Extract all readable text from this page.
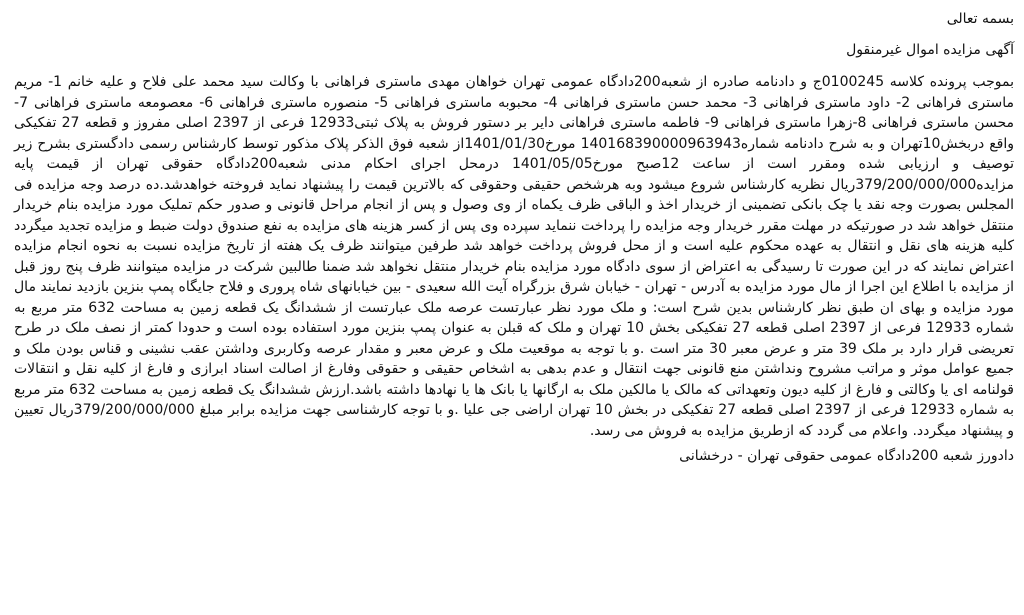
بسمه تعالی

آگهی مزایده اموال غیرمنقول

بموجب پرونده کلاسه 0100245ج و دادنامه صادره از شعبه200دادگاه عمومی تهران خواهان مهدی ماستری فراهانی با وکالت سید محمد علی فلاح و علیه خانم 1- مریم ماستری فراهانی 2- داود ماستری فراهانی 3- محمد حسن ماستری فراهانی 4- محبوبه ماستری فراهانی 5- منصوره ماستری فراهانی 6- معصومعه ماستری فراهانی 7- محسن ماستری فراهانی 8-زهرا ماستری فراهانی 9- فاطمه ماستری فراهانی دایر بر دستور فروش به پلاک ثبتی12933 فرعی از 2397 اصلی مفروز و قطعه 27 تفکیکی واقع دربخش10تهران و به شرح دادنامه شماره140168390000963943 مورخ1401/01/30از شعبه فوق الذکر پلاک مذکور توسط کارشناس رسمی دادگستری بشرح زیر توصیف و ارزیابی شده ومقرر است از ساعت 12صبح مورخ1401/05/05 درمحل اجرای احکام مدنی شعبه200دادگاه حقوقی تهران از قیمت پایه مزایده379/200/000/000ریال نظریه کارشناس شروع میشود وبه هرشخص حقیقی وحقوقی که بالاترین قیمت را پیشنهاد نماید فروخته خواهدشد.ده درصد وجه مزایده فی المجلس بصورت وجه نقد یا چک بانکی تضمینی از خریدار اخذ و الباقی ظرف یکماه از وی وصول و پس از انجام مراحل قانونی و صدور حکم تملیک مورد مزایده بنام خریدار منتقل خواهد شد در صورتیکه در مهلت مقرر خریدار وجه مزایده را پرداخت ننماید سپرده وی پس از کسر هزینه های مزایده به نفع صندوق دولت ضبط و مزایده تجدید میگردد کلیه هزینه های نقل و انتقال به عهده محکوم علیه است و از محل فروش پرداخت خواهد شد طرفین میتوانند ظرف یک هفته از تاریخ مزایده نسبت به نحوه انجام مزایده اعتراض نمایند که در این صورت تا رسیدگی به اعتراض از سوی دادگاه مورد مزایده بنام خریدار منتقل نخواهد شد ضمنا طالبین شرکت در مزایده میتوانند ظرف پنج روز قبل از مزایده با اطلاع این اجرا از مال مورد مزایده به آدرس - تهران - خیابان شرق بزرگراه آیت الله سعیدی - بین خیابانهای شاه پروری و فلاح جایگاه پمپ بنزین بازدید نمایند مال مورد مزایده و بهای ان طبق نظر کارشناس بدین شرح است: و ملک مورد نظر عبارتست عرصه ملک عبارتست از ششدانگ یک قطعه زمین به مساحت 632 متر مربع به شماره 12933 فرعی از 2397 اصلی قطعه 27 تفکیکی بخش 10 تهران و ملک که قبلن به عنوان پمپ بنزین مورد استفاده بوده است و حدودا کمتر از نصف ملک در طرح تعریضی قرار دارد بر ملک 39 متر و عرض معبر 30 متر است .و با توجه به موقعیت ملک و عرض معبر و مقدار عرصه وکاربری وداشتن عقب نشینی و قناس بودن ملک و جمیع عوامل موثر و مراتب مشروح ونداشتن منع قانونی جهت انتقال و عدم بدهی به اشخاص حقیقی و حقوقی وفارغ از اصالت اسناد ابرازی و فارغ از کلیه نقل و انتقالات قولنامه ای یا وکالتی و فارغ از کلیه دیون وتعهداتی که مالک یا مالکین ملک به ارگانها یا بانک ها یا نهادها داشته باشد.ارزش ششدانگ یک قطعه زمین به مساحت 632 متر مربع به شماره 12933 فرعی از 2397 اصلی قطعه 27 تفکیکی در بخش 10 تهران اراضی جی علیا .و با توجه کارشناسی جهت مزایده برابر مبلغ 379/200/000/000ریال تعیین و پیشنهاد میگردد. واعلام می گردد که ازطریق مزایده به فروش می رسد.

دادورز شعبه 200دادگاه عمومی حقوقی تهران - درخشانی
